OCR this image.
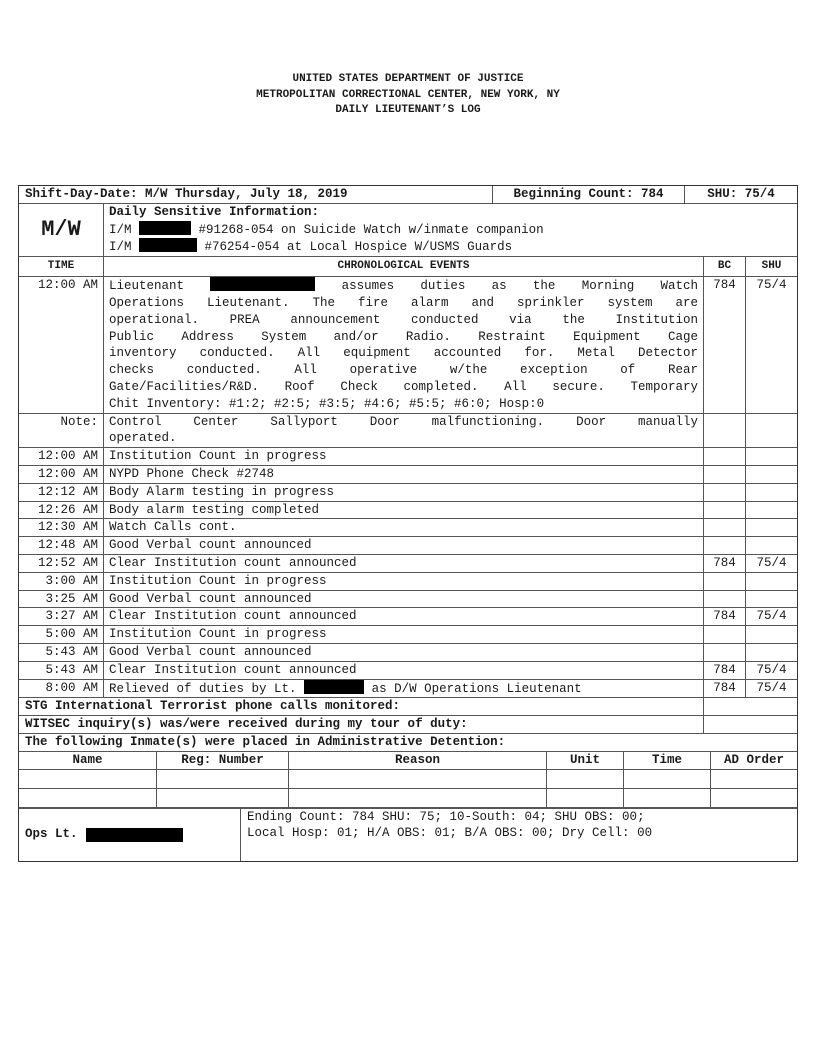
UNITED STATES DEPARTMENT OF JUSTICE
METROPOLITAN CORRECTIONAL CENTER, NEW YORK, NY
DAILY LIEUTENANT’S LOG
Shift-Day-Date: M/W Thursday, July 18, 2019	Beginning Count: 784	SHU: 75/4
M/W
Daily Sensitive Information:
I/M	#91268-054 on Suicide Watch w/inmate companion
I/M	#76254-054 at Local Hospice W/USMS Guards
TIME	CHRONOLOGICAL EVENTS	BC	SHU
12:00 AM Lieutenant	assumes duties as the Morning Watch
Operations Lieutenant. The fire alarm and sprinkler system are
operational. PREA announcement conducted via the Institution
Public Address System and/or Radio. Restraint Equipment Cage
inventory conducted. All equipment accounted for. Metal Detector
checks conducted. All operative w/the exception of Rear
Gate/Facilities/R&D. Roof Check completed. All secure. Temporary
Chit Inventory: #1:2; #2:5; #3:5; #4:6; #5:5; #6:0; Hosp:0
784	75/4
Note: Control Center Sallyport Door malfunctioning. Door manually
operated.
12:00 AM Institution Count in progress
12:00 AM NYPD Phone Check #2748
12:12 AM Body Alarm testing in progress
12:26 AM Body alarm testing completed
12:30 AM Watch Calls cont.
12:48 AM Good Verbal count announced
12:52 AM Clear Institution count announced	784	75/4
3:00 AM Institution Count in progress
3:25 AM Good Verbal count announced
3:27 AM Clear Institution count announced	784	75/4
5:00 AM Institution Count in progress
5:43 AM Good Verbal count announced
5:43 AM Clear Institution count announced	784	75/4
8:00 AM Relieved of duties by Lt.	as D/W Operations Lieutenant	784	75/4
STG International Terrorist phone calls monitored:
WITSEC inquiry(s) was/were received during my tour of duty:
The following Inmate(s) were placed in Administrative Detention:
Name	Reg: Number	Reason	Unit	Time	AD Order
Ops Lt.
Ending Count: 784 SHU: 75; 10-South: 04; SHU OBS: 00;
Local Hosp: 01; H/A OBS: 01; B/A OBS: 00; Dry Cell: 00
